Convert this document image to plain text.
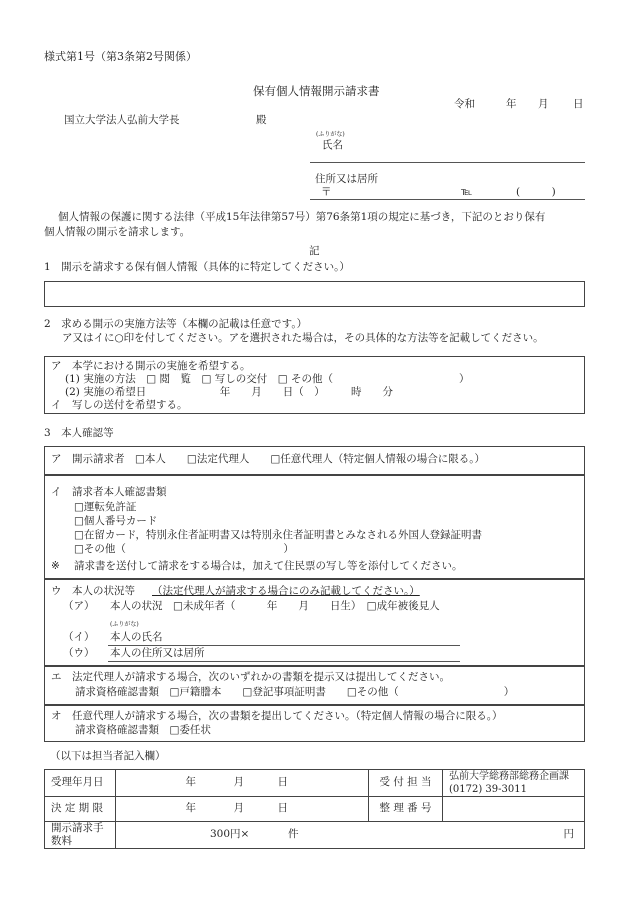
様式第1号（第3条第2号関係）
保有個人情報開示請求書
令和	年 月 日
国立大学法人弘前大学長	殿
(ふりがな)
氏名
住所又は居所
〒	℡	(　　　)
個人情報の保護に関する法律（平成15年法律第57号）第76条第1項の規定に基づき，下記のとおり保有
個人情報の開示を請求します。
記
1　開示を請求する保有個人情報（具体的に特定してください。）
2　求める開示の実施方法等（本欄の記載は任意です。）
ア又はイに○印を付してください。アを選択された場合は，その具体的な方法等を記載してください。
ア　本学における開示の実施を希望する。
(1) 実施の方法　□ 閲　覧　□ 写しの交付　□ その他（　　　　　　　　　　　　）
(2) 実施の希望日　　　　　　　年　　月　　日（　）　　　時　　分
イ　写しの送付を希望する。
3　本人確認等
ア　開示請求者　□本人　　□法定代理人　　□任意代理人（特定個人情報の場合に限る。）
イ　請求者本人確認書類
□運転免許証
□個人番号カード
□在留カード，特別永住者証明書又は特別永住者証明書とみなされる外国人登録証明書
□その他（　　　　　　　　　　　　　　　）
※ 請求書を送付して請求をする場合は，加えて住民票の写し等を添付してください。
ウ　本人の状況等 （法定代理人が請求する場合にのみ記載してください。）
（ア） 本人の状況　□未成年者（　　　年　　月　　日生）　□成年被後見人
(ふりがな)
（イ） 本人の氏名
（ウ） 本人の住所又は居所
エ　法定代理人が請求する場合，次のいずれかの書類を提示又は提出してください。
請求資格確認書類　□戸籍謄本　　□登記事項証明書　　□その他（　　　　　　　　　　）
オ　任意代理人が請求する場合，次の書類を提出してください。（特定個人情報の場合に限る。）
請求資格確認書類　□委任状
（以下は担当者記入欄）
受理年月日		年	月	日	受 付 担 当	弘前大学総務部総務企画課
(0172) 39-3011

決 定 期 限		年	月	日	整 理 番 号	
開示請求手数料	300円× 件 円					
